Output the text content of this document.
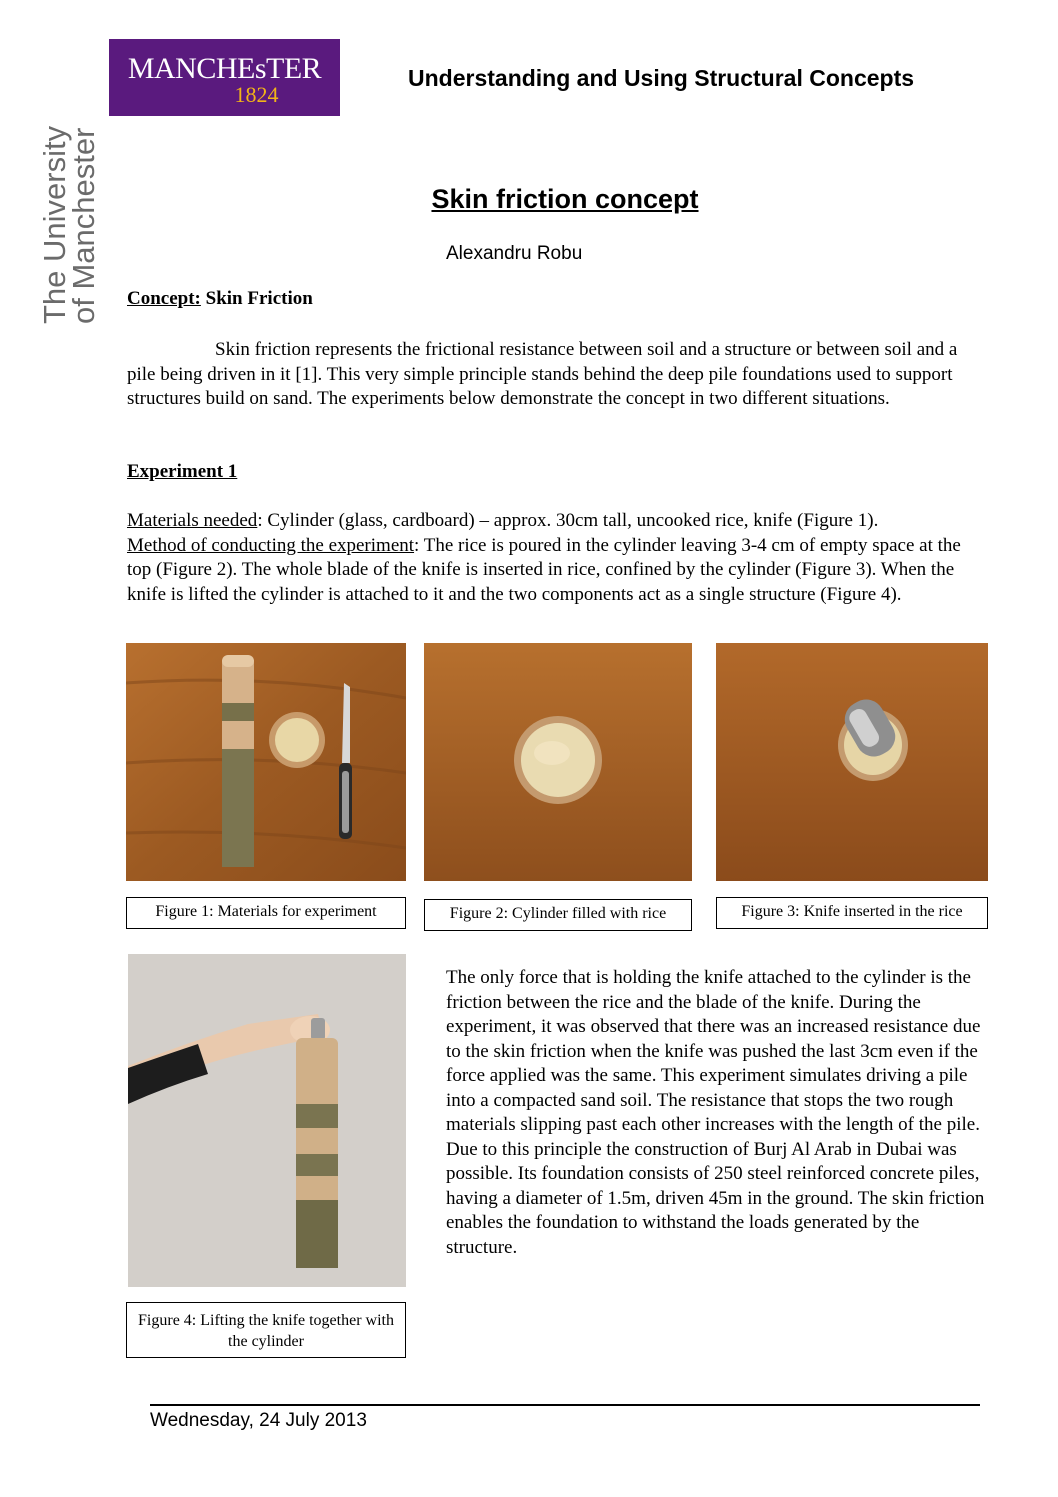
MANCHEsTER
1824
The University
of Manchester
Understanding and Using Structural Concepts
Skin friction concept
Alexandru Robu
Concept: Skin Friction
Skin friction represents the frictional resistance between soil and a structure or between soil and a pile being driven in it [1]. This very simple principle stands behind the deep pile foundations used to support structures build on sand. The experiments below demonstrate the concept in two different situations.
Experiment 1
Materials needed: Cylinder (glass, cardboard) – approx. 30cm tall, uncooked rice, knife (Figure 1).
Method of conducting the experiment: The rice is poured in the cylinder leaving 3-4 cm of empty space at the top (Figure 2). The whole blade of the knife is inserted in rice, confined by the cylinder (Figure 3). When the knife is lifted the cylinder is attached to it and the two components act as a single structure (Figure 4).
Figure 1: Materials for experiment	Figure 2: Cylinder filled with rice	Figure 3: Knife inserted in the rice
Figure 4: Lifting the knife together with the cylinder
The only force that is holding the knife attached to the cylinder is the friction between the rice and the blade of the knife. During the experiment, it was observed that there was an increased resistance due to the skin friction when the knife was pushed the last 3cm even if the force applied was the same. This experiment simulates driving a pile into a compacted sand soil. The resistance that stops the two rough materials slipping past each other increases with the length of the pile.
Due to this principle the construction of Burj Al Arab in Dubai was possible. Its foundation consists of 250 steel reinforced concrete piles, having a diameter of 1.5m, driven 45m in the ground. The skin friction enables the foundation to withstand the loads generated by the structure.
Wednesday, 24 July 2013
